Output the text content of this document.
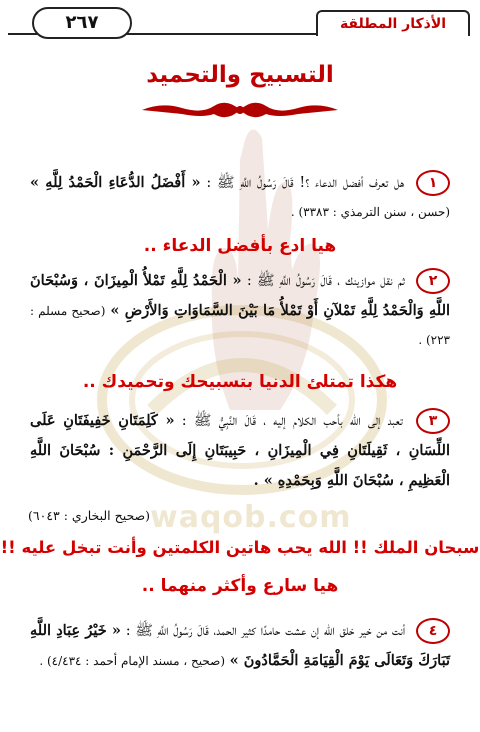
waqob.com
الأذكار المطلقة
٢٦٧
التسبيح والتحميد
١ هل تعرف أفضل الدعاء ؟! قَالَ رَسُولُ اللَّهِ ﷺ : « أَفْضَلُ الدُّعَاءِ الْحَمْدُ لِلَّهِ » (حسن ، سنن الترمذي : ٣٣٨٣) .
هيا ادع بأفضل الدعاء ..
٢ ثم نقل موازينك ، قَالَ رَسُولُ اللَّهِ ﷺ : « الْحَمْدُ لِلَّهِ تَمْلأُ الْمِيزَانَ ، وَسُبْحَانَ اللَّهِ وَالْحَمْدُ لِلَّهِ تَمْلآنِ أَوْ تَمْلأُ مَا بَيْنَ السَّمَاوَاتِ وَالأَرْضِ » (صحيح مسلم : ٢٢٣) .
هكذا تمتلئ الدنيا بتسبيحك وتحميدك ..
٣ تعبد إلى الله بأحب الكلام إليه ، قَالَ النَّبِيُّ ﷺ : « كَلِمَتَانِ خَفِيفَتَانِ عَلَى اللِّسَانِ ، ثَقِيلَتَانِ فِي الْمِيزَانِ ، حَبِيبَتَانِ إِلَى الرَّحْمَنِ : سُبْحَانَ اللَّهِ الْعَظِيمِ ، سُبْحَانَ اللَّهِ وَبِحَمْدِهِ » .
(صحيح البخاري : ٦٠٤٣)
سبحان الملك !! الله يحب هاتين الكلمتين وأنت تبخل عليه !!
هيا سارع وأكثر منهما ..
٤ أنت من خير خلق الله إن عشت حامدًا كثير الحمد، قَالَ رَسُولُ اللَّهِ ﷺ : « خَيْرُ عِبَادِ اللَّهِ تَبَارَكَ وَتَعَالَى يَوْمَ الْقِيَامَةِ الْحَمَّادُونَ » (صحيح ، مسند الإمام أحمد : ٤/٤٣٤) .
